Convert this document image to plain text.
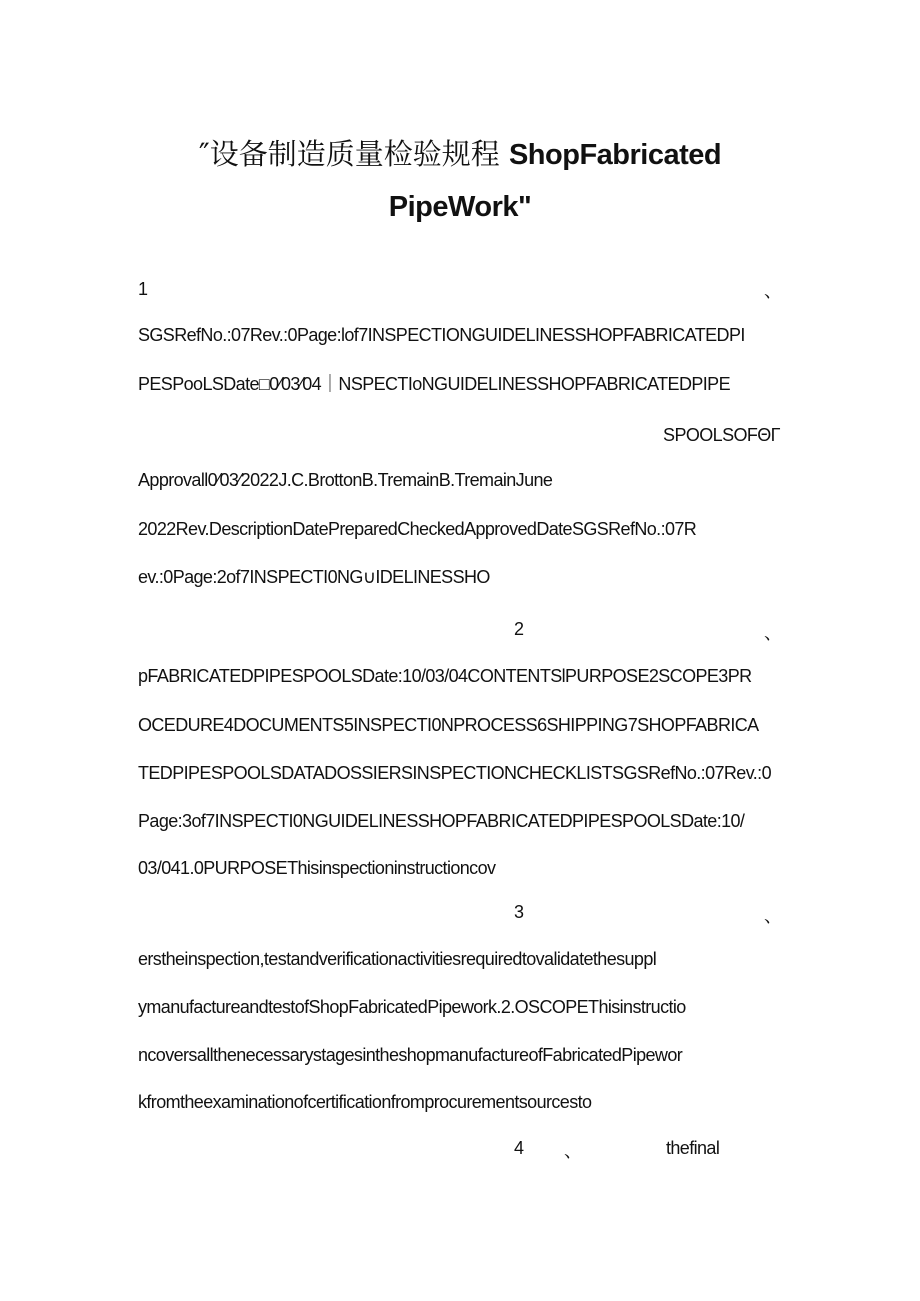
″设备制造质量检验规程 ShopFabricated
PipeWork"
1	、
SGSRefNo.:07Rev.:0Page:lof7INSPECTIONGUIDELINESSHOPFABRICATEDPI
PESPooLSDate□0⁄03⁄04｜NSPECTIoNGUIDELINESSHOPFABRICATEDPIPE
SPOOLSOFΘΓ
Approvall0⁄03⁄2022J.C.BrottonB.TremainB.TremainJune
2022Rev.DescriptionDatePreparedCheckedApprovedDateSGSRefNo.:07R
ev.:0Page:2of7INSPECTI0NG∪IDELINESSHO
2	、
pFABRICATEDPIPESPOOLSDate:10/03/04CONTENTSlPURPOSE2SCOPE3PR
OCEDURE4DOCUMENTS5INSPECTI0NPROCESS6SHIPPING7SHOPFABRICA
TEDPIPESPOOLSDATADOSSIERSINSPECTIONCHECKLISTSGSRefNo.:07Rev.:0
Page:3of7INSPECTI0NGUIDELINESSHOPFABRICATEDPIPESPOOLSDate:10/
03/041.0PURPOSEThisinspectioninstructioncov
3	、
erstheinspection,testandverificationactivitiesrequiredtovalidatethesuppl
ymanufactureandtestofShopFabricatedPipework.2.OSCOPEThisinstructio
ncoversallthenecessarystagesintheshopmanufactureofFabricatedPipewor
kfromtheexaminationofcertificationfromprocurementsourcesto
4 、	thefinal
